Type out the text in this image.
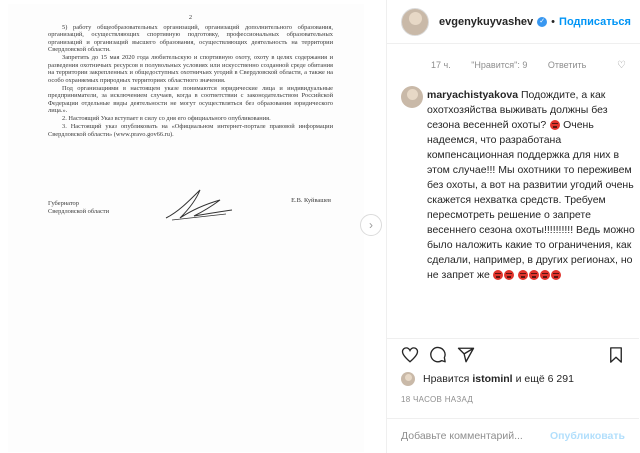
2

5) работу общеобразовательных организаций, организаций дополнительного образования, организаций, осуществляющих спортивную подготовку, профессиональных образовательных организаций и организаций высшего образования, осуществляющих деятельность на территории Свердловской области.

Запретить до 15 мая 2020 года любительскую и спортивную охоту, охоту в целях содержания и разведения охотничьих ресурсов в полувольных условиях или искусственно созданной среде обитания на территории закрепленных и общедоступных охотничьих угодий в Свердловской области, а также на особо охраняемых природных территориях областного значения.

Под организациями в настоящем указе понимаются юридические лица и индивидуальные предприниматели, за исключением случаев, когда в соответствии с законодательством Российской Федерации отдельные виды деятельности не могут осуществляться без образования юридического лица.».

2. Настоящий Указ вступает в силу со дня его официального опубликования.

3. Настоящий указ опубликовать на «Официальном интернет-портале правовой информации Свердловской области» (www.pravo.gov66.ru).

Губернатор
Свердловской области
Е.В. Куйвашев
›
evgenykuyvashev ✓ • Подписаться
17 ч. "Нравится": 9 Ответить	♡
maryachistyakova Подождите, а как охотхозяйства выживать должны без сезона весенней охоты?  Очень надеемся, что разработана компенсационная поддержка для них в этом случае!!! Мы охотники то переживем без охоты, а вот на развитии угодий очень скажется нехватка средств. Требуем пересмотреть решение о запрете весеннего сезона охоты!!!!!!!!!! Ведь можно было наложить какие то ограничения, как сделали, например, в других регионах, но не запрет же
Нравится istominl и ещё 6 291
18 ЧАСОВ НАЗАД
Добавьте комментарий...
Опубликовать
